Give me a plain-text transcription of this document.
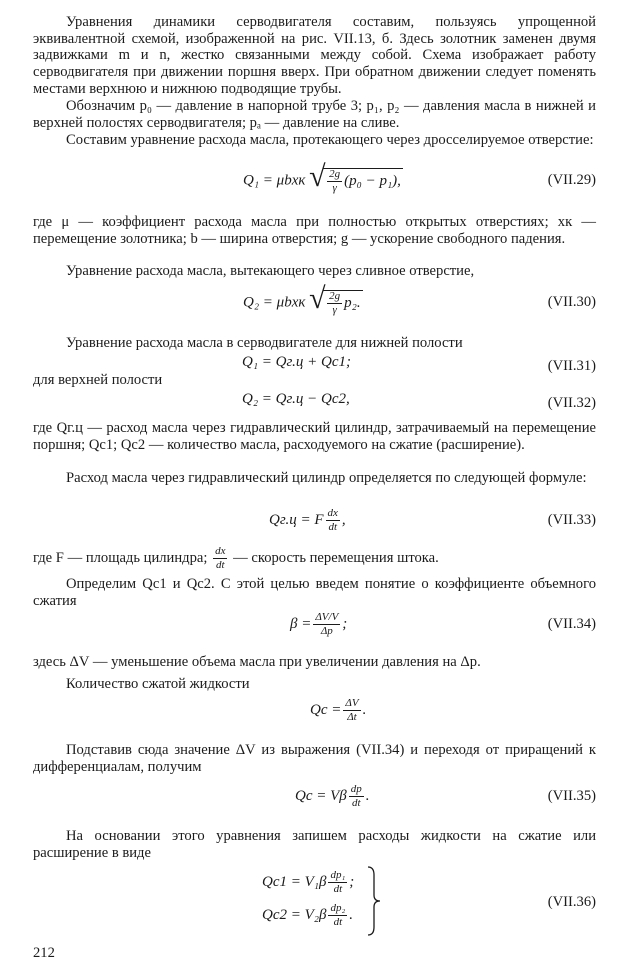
Уравнения динамики серводвигателя составим, пользуясь упрощенной эквивалентной схемой, изображенной на рис. VII.13, б. Здесь золотник заменен двумя задвижками m и n, жестко связанными между собой. Схема изображает работу серводвигателя при движении поршня вверх. При обратном движении следует поменять местами верхнюю и нижнюю подводящие трубы.

Обозначим p₀ — давление в напорной трубе 3; p₁, p₂ — давления масла в нижней и верхней полостях серводвигателя; pₐ — давление на сливе.

Составим уравнение расхода масла, протекающего через дросселируемое отверстие:

Q₁ = μbxк √ $\frac{2g}{\gamma} (p_0 - p_1)$,	(VII.29)

где μ — коэффициент расхода масла при полностью открытых отверстиях; xк — перемещение золотника; b — ширина отверстия; g — ускорение свободного падения.

Уравнение расхода масла, вытекающего через сливное отверстие,

Q₂ = μbxк √ $\frac{2g}{\gamma} p_2$.	(VII.30)

Уравнение расхода масла в серводвигателе для нижней полости

Q₁ = Qг.ц + Qc1;	(VII.31)

для верхней полости

Q₂ = Qг.ц − Qc2,	(VII.32)

где Qг.ц — расход масла через гидравлический цилиндр, затрачиваемый на перемещение поршня; Qc1; Qc2 — количество масла, расходуемого на сжатие (расширение).

Расход масла через гидравлический цилиндр определяется по следующей формуле:

Qг.ц = F $\frac{dx}{dt}$ ,	(VII.33)
где F — площадь цилиндра; $\frac{dx}{dt}$ — скорость перемещения штока.

Определим Qc1 и Qc2. С этой целью введем понятие о коэффициенте объемного сжатия

$\beta = \frac{\Delta V/V}{\Delta p}$ ;	(VII.34)

здесь ΔV — уменьшение объема масла при увеличении давления на Δp.

Количество сжатой жидкости

$Qc = \frac{\Delta V}{\Delta t}$ .

Подставив сюда значение ΔV из выражения (VII.34) и переходя от приращений к дифференциалам, получим

Qc = Vβ $\frac{dp}{dt}$ .	(VII.35)

На основании этого уравнения запишем расходы жидкости на сжатие или расширение в виде

$Qc1 = V_1\beta \frac{\text{dp₁}}{dt}$ ;
$Qc2 = V_2\beta \frac{\text{dp₂}}{dt}$ .
(VII.36)
212
